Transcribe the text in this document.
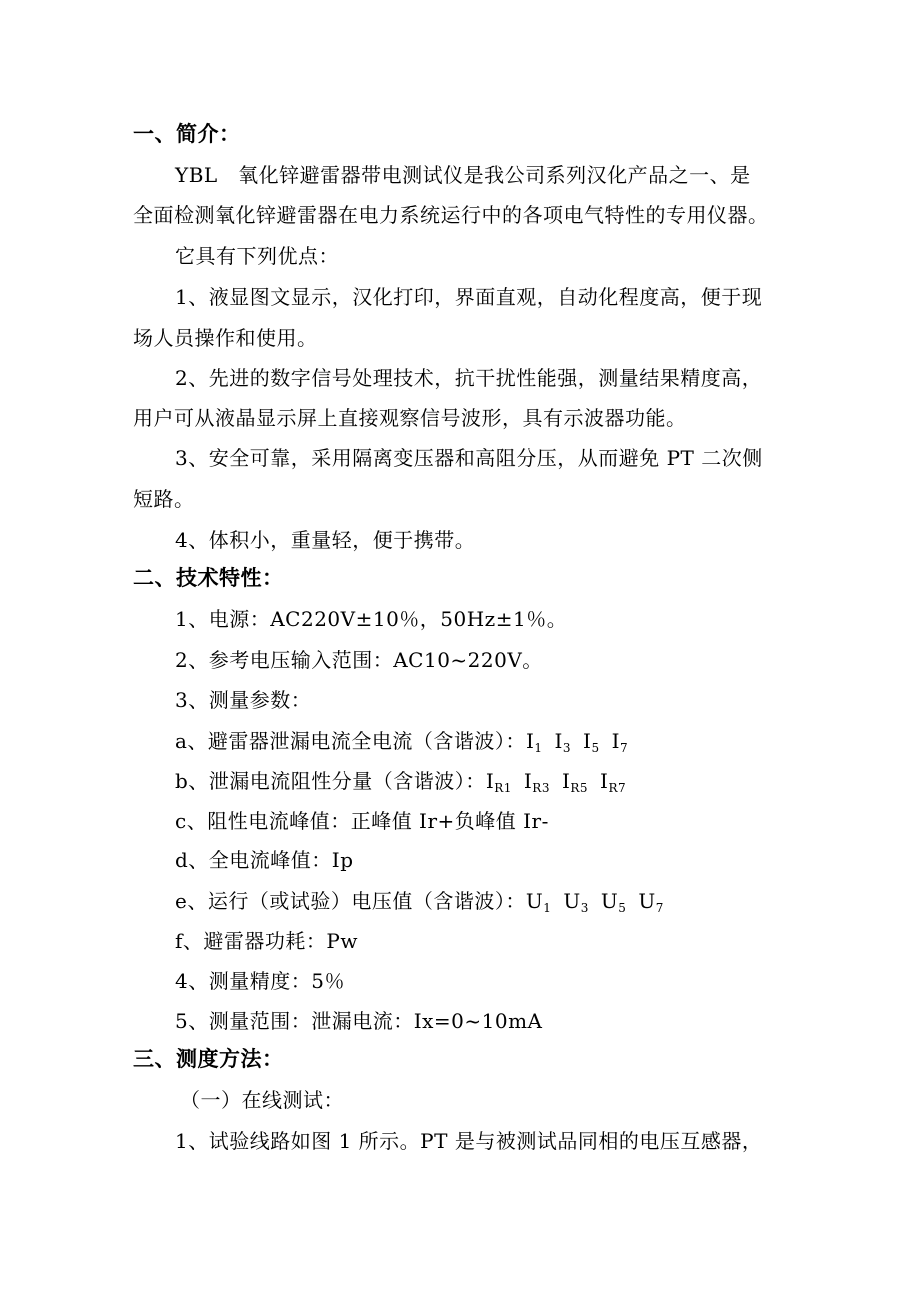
一、简介：
YBL　氧化锌避雷器带电测试仪是我公司系列汉化产品之一、是
全面检测氧化锌避雷器在电力系统运行中的各项电气特性的专用仪器。
它具有下列优点：
1、液显图文显示，汉化打印，界面直观，自动化程度高，便于现
场人员操作和使用。
2、先进的数字信号处理技术，抗干扰性能强，测量结果精度高，
用户可从液晶显示屏上直接观察信号波形，具有示波器功能。
3、安全可靠，采用隔离变压器和高阻分压，从而避免 PT 二次侧
短路。
4、体积小，重量轻，便于携带。
二、技术特性：
1、电源：AC220V±10％，50Hz±1％。
2、参考电压输入范围：AC10~220V。
3、测量参数：
a、避雷器泄漏电流全电流（含谐波）：$I_1$ $I_3$ $I_5$ $I_7$
b、泄漏电流阻性分量（含谐波）：$I_{R1}$ $I_{R3}$ $I_{R5}$ $I_{R7}$
c、阻性电流峰值：正峰值 Ir+负峰值 Ir-
d、全电流峰值：Ip
e、运行（或试验）电压值（含谐波）：$U_1$ $U_3$ $U_5$ $U_7$
f、避雷器功耗：Pw
4、测量精度：5％
5、测量范围：泄漏电流：Ix=0~10mA
三、测度方法：
（一）在线测试：
1、试验线路如图 1 所示。PT 是与被测试品同相的电压互感器，
